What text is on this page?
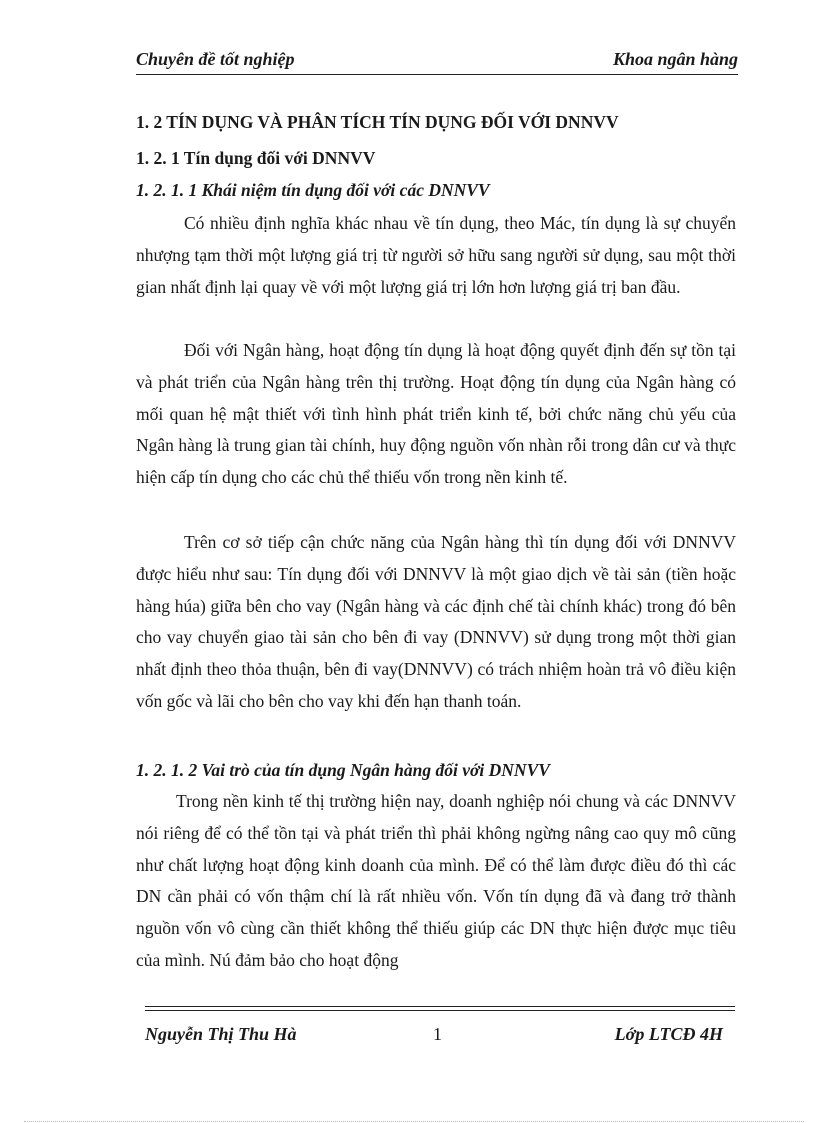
Chuyên đề tốt nghiệp	Khoa ngân hàng
1. 2 TÍN DỤNG VÀ PHÂN TÍCH TÍN DỤNG ĐỐI VỚI DNNVV
1. 2. 1 Tín dụng đối với DNNVV
1. 2. 1. 1 Khái niệm tín dụng đối với các DNNVV

Có nhiều định nghĩa khác nhau về tín dụng, theo Mác, tín dụng là sự chuyển nhượng tạm thời một lượng giá trị từ người sở hữu sang người sử dụng, sau một thời gian nhất định lại quay về với một lượng giá trị lớn hơn lượng giá trị ban đầu.

Đối với Ngân hàng, hoạt động tín dụng là hoạt động quyết định đến sự tồn tại và phát triển của Ngân hàng trên thị trường. Hoạt động tín dụng của Ngân hàng có mối quan hệ mật thiết với tình hình phát triển kinh tế, bởi chức năng chủ yếu của Ngân hàng là trung gian tài chính, huy động nguồn vốn nhàn rỗi trong dân cư và thực hiện cấp tín dụng cho các chủ thể thiếu vốn trong nền kinh tế.

Trên cơ sở tiếp cận chức năng của Ngân hàng thì tín dụng đối với DNNVV được hiểu như sau: Tín dụng đối với DNNVV là một giao dịch về tài sản (tiền hoặc hàng húa) giữa bên cho vay (Ngân hàng và các định chế tài chính khác) trong đó bên cho vay chuyển giao tài sản cho bên đi vay (DNNVV) sử dụng trong một thời gian nhất định theo thỏa thuận, bên đi vay(DNNVV) có trách nhiệm hoàn trả vô điều kiện vốn gốc và lãi cho bên cho vay khi đến hạn thanh toán.

1. 2. 1. 2 Vai trò của tín dụng Ngân hàng đối với DNNVV

Trong nền kinh tế thị trường hiện nay, doanh nghiệp nói chung và các DNNVV nói riêng để có thể tồn tại và phát triển thì phải không ngừng nâng cao quy mô cũng như chất lượng hoạt động kinh doanh của mình. Để có thể làm được điều đó thì các DN cần phải có vốn thậm chí là rất nhiều vốn. Vốn tín dụng đã và đang trở thành nguồn vốn vô cùng cần thiết không thể thiếu giúp các DN thực hiện được mục tiêu của mình. Nú đảm bảo cho hoạt động

Nguyễn Thị Thu Hà	1	Lớp LTCĐ 4H
